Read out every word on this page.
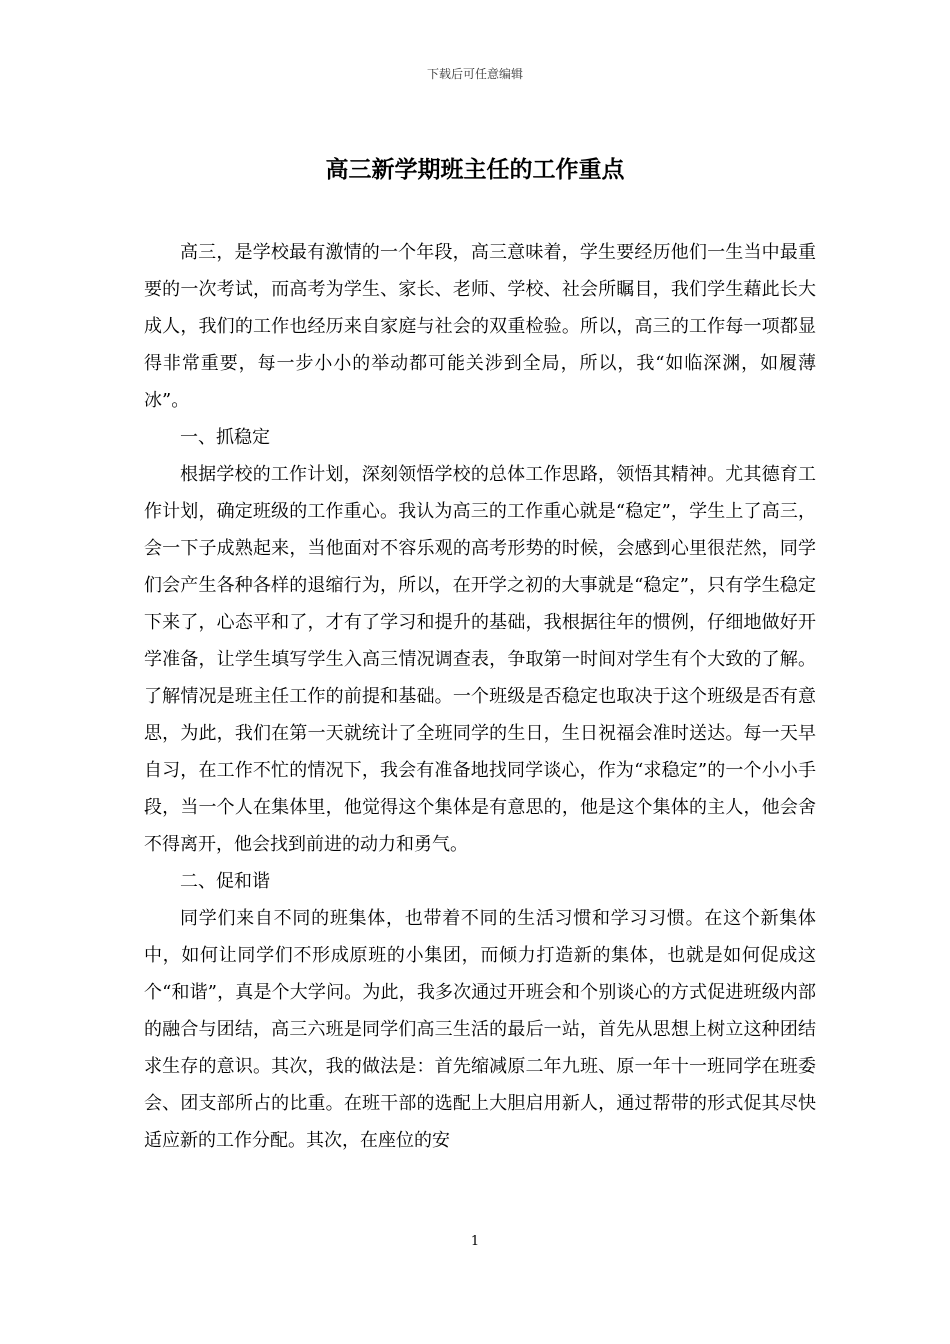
下载后可任意编辑
高三新学期班主任的工作重点

高三，是学校最有激情的一个年段，高三意味着，学生要经历他们一生当中最重要的一次考试，而高考为学生、家长、老师、学校、社会所瞩目，我们学生藉此长大成人，我们的工作也经历来自家庭与社会的双重检验。所以，高三的工作每一项都显得非常重要，每一步小小的举动都可能关涉到全局，所以，我“如临深渊，如履薄冰”。

一、抓稳定

根据学校的工作计划，深刻领悟学校的总体工作思路，领悟其精神。尤其德育工作计划，确定班级的工作重心。我认为高三的工作重心就是“稳定”，学生上了高三，会一下子成熟起来，当他面对不容乐观的高考形势的时候，会感到心里很茫然，同学们会产生各种各样的退缩行为，所以，在开学之初的大事就是“稳定”，只有学生稳定下来了，心态平和了，才有了学习和提升的基础，我根据往年的惯例，仔细地做好开学准备，让学生填写学生入高三情况调查表，争取第一时间对学生有个大致的了解。了解情况是班主任工作的前提和基础。一个班级是否稳定也取决于这个班级是否有意思，为此，我们在第一天就统计了全班同学的生日，生日祝福会准时送达。每一天早自习，在工作不忙的情况下，我会有准备地找同学谈心，作为“求稳定”的一个小小手段，当一个人在集体里，他觉得这个集体是有意思的，他是这个集体的主人，他会舍不得离开，他会找到前进的动力和勇气。

二、促和谐

同学们来自不同的班集体，也带着不同的生活习惯和学习习惯。在这个新集体中，如何让同学们不形成原班的小集团，而倾力打造新的集体，也就是如何促成这个“和谐”，真是个大学问。为此，我多次通过开班会和个别谈心的方式促进班级内部的融合与团结，高三六班是同学们高三生活的最后一站，首先从思想上树立这种团结求生存的意识。其次，我的做法是：首先缩减原二年九班、原一年十一班同学在班委会、团支部所占的比重。在班干部的选配上大胆启用新人，通过帮带的形式促其尽快适应新的工作分配。其次，在座位的安

1
